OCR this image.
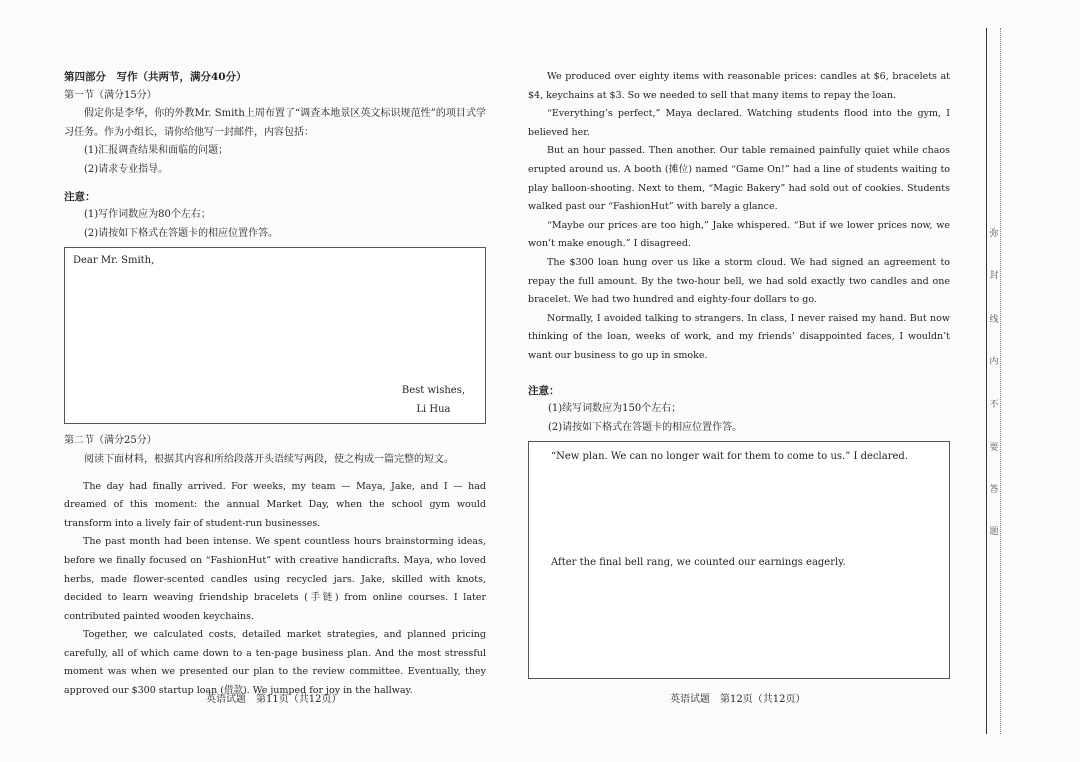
第四部分　写作（共两节，满分40分）
第一节（满分15分）

假定你是李华，你的外教Mr. Smith上周布置了“调查本地景区英文标识规范性”的项目式学习任务。作为小组长，请你给他写一封邮件，内容包括：

(1)汇报调查结果和面临的问题；
(2)请求专业指导。
注意：
(1)写作词数应为80个左右；
(2)请按如下格式在答题卡的相应位置作答。
Dear Mr. Smith,
Best wishes,
Li Hua
第二节（满分25分）

阅读下面材料，根据其内容和所给段落开头语续写两段，使之构成一篇完整的短文。

The day had finally arrived. For weeks, my team — Maya, Jake, and I — had dreamed of this moment: the annual Market Day, when the school gym would transform into a lively fair of student-run businesses.

The past month had been intense. We spent countless hours brainstorming ideas, before we finally focused on “FashionHut” with creative handicrafts. Maya, who loved herbs, made flower-scented candles using recycled jars. Jake, skilled with knots, decided to learn weaving friendship bracelets (手链) from online courses. I later contributed painted wooden keychains.

Together, we calculated costs, detailed market strategies, and planned pricing carefully, all of which came down to a ten-page business plan. And the most stressful moment was when we presented our plan to the review committee. Eventually, they approved our $300 startup loan (借款). We jumped for joy in the hallway.

We produced over eighty items with reasonable prices: candles at $6, bracelets at $4, keychains at $3. So we needed to sell that many items to repay the loan.

“Everything’s perfect,” Maya declared. Watching students flood into the gym, I believed her.

But an hour passed. Then another. Our table remained painfully quiet while chaos erupted around us. A booth (摊位) named “Game On!” had a line of students waiting to play balloon-shooting. Next to them, “Magic Bakery” had sold out of cookies. Students walked past our “FashionHut” with barely a glance.

“Maybe our prices are too high,” Jake whispered. “But if we lower prices now, we won’t make enough.” I disagreed.

The $300 loan hung over us like a storm cloud. We had signed an agreement to repay the full amount. By the two-hour bell, we had sold exactly two candles and one bracelet. We had two hundred and eighty-four dollars to go.

Normally, I avoided talking to strangers. In class, I never raised my hand. But now thinking of the loan, weeks of work, and my friends’ disappointed faces, I wouldn’t want our business to go up in smoke.

注意：
(1)续写词数应为150个左右；
(2)请按如下格式在答题卡的相应位置作答。
“New plan. We can no longer wait for them to come to us.” I declared.
After the final bell rang, we counted our earnings eagerly.
英语试题　第11页（共12页）	英语试题　第12页（共12页）
弥
封
线
内
不
要
答
题
